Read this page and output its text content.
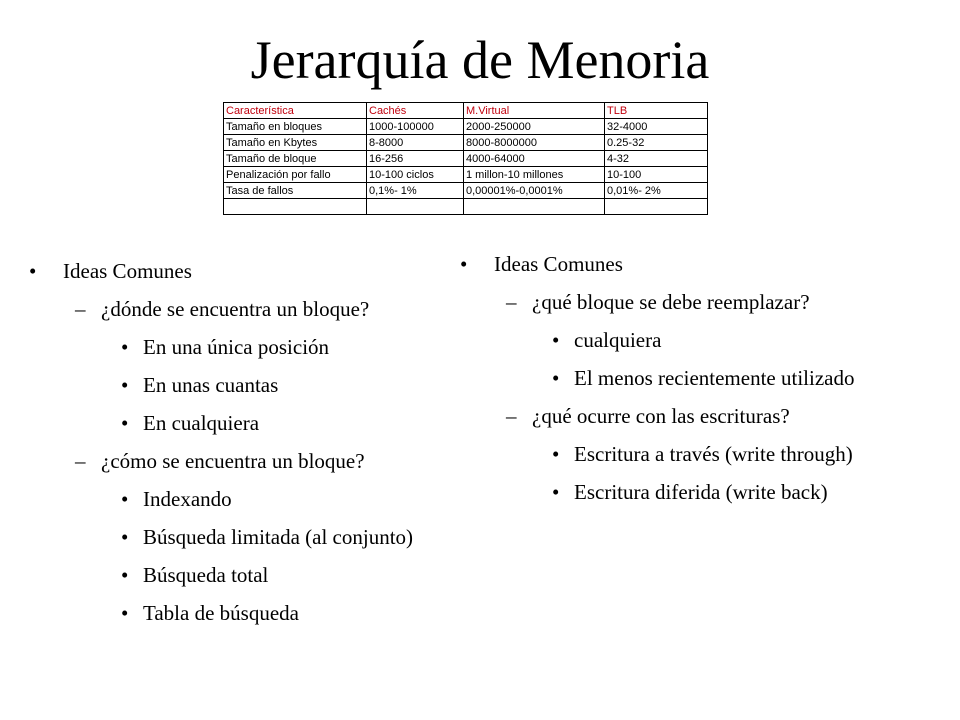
Jerarquía de Menoria
Característica	Cachés	M.Virtual	TLB
Tamaño en bloques	1000-100000	2000-250000	32-4000
Tamaño en Kbytes	8-8000	8000-8000000	0.25-32
Tamaño de bloque	16-256	4000-64000	4-32
Penalización por fallo	10-100 ciclos	1 millon-10 millones	10-100
Tasa de fallos	0,1%- 1%	0,00001%-0,0001%	0,01%- 2%

• Ideas Comunes
– ¿dónde se encuentra un bloque?
• En una única posición
• En unas cuantas
• En cualquiera
– ¿cómo se encuentra un bloque?
• Indexando
• Búsqueda limitada (al conjunto)
• Búsqueda total
• Tabla de búsqueda
• Ideas Comunes
– ¿qué bloque se debe reemplazar?
• cualquiera
• El menos recientemente utilizado
– ¿qué ocurre con las escrituras?
• Escritura a través (write through)
• Escritura diferida (write back)
